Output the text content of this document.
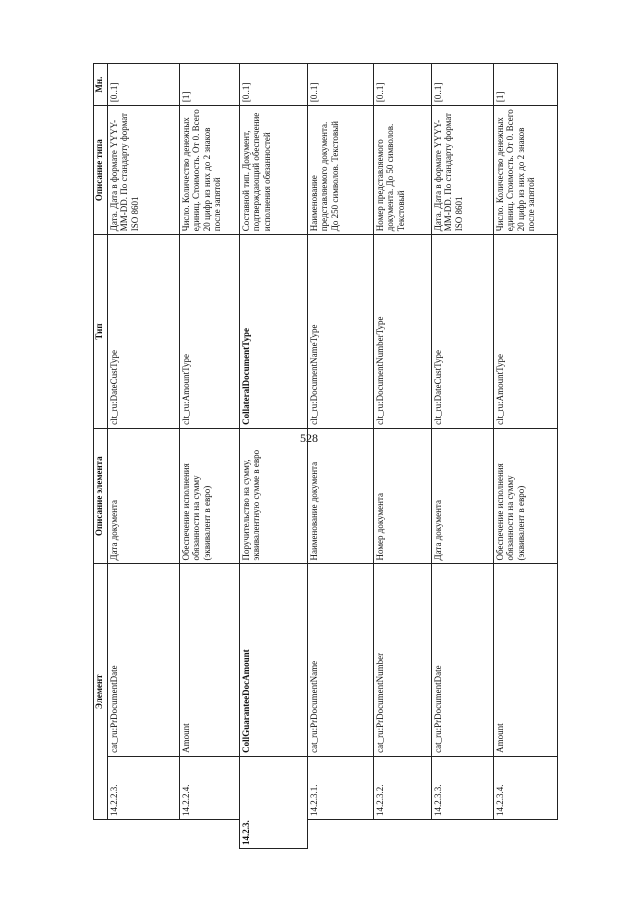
528
	Элемент		Описание элемента	Тип	Описание типа	Мн.
	14.2.2.3.	cat_ru:PrDocumentDate	Дата документа	clt_ru:DateCustType	Дата. Дата в формате YYYY-MM-DD. По стандарту формат ISO 8601	[0..1]
	14.2.2.4.	Amount	Обеспечение исполнения обязанности на сумму (эквивалент в евро)	clt_ru:AmountType	Число. Количество денежных единиц. Стоимость. От 0. Всего 20 цифр из них до 2 знаков после запятой	[1]
14.2.3.		CollGuaranteeDocAmount	Поручительство на сумму, эквивалентную сумме в евро	CollateralDocumentType	Составной тип. Документ, подтверждающий обеспечение исполнения обязанностей	[0..1]
	14.2.3.1.	cat_ru:PrDocumentName	Наименование документа	clt_ru:DocumentNameType	Наименование представляемого документа. До 250 символов. Текстовый	[0..1]
	14.2.3.2.	cat_ru:PrDocumentNumber	Номер документа	clt_ru:DocumentNumberType	Номер представляемого документа. До 50 символов. Текстовый	[0..1]
	14.2.3.3.	cat_ru:PrDocumentDate	Дата документа	clt_ru:DateCustType	Дата. Дата в формате YYYY-MM-DD. По стандарту формат ISO 8601	[0..1]
	14.2.3.4.	Amount	Обеспечение исполнения обязанности на сумму (эквивалент в евро)	clt_ru:AmountType	Число. Количество денежных единиц. Стоимость. От 0. Всего 20 цифр из них до 2 знаков после запятой	[1]
